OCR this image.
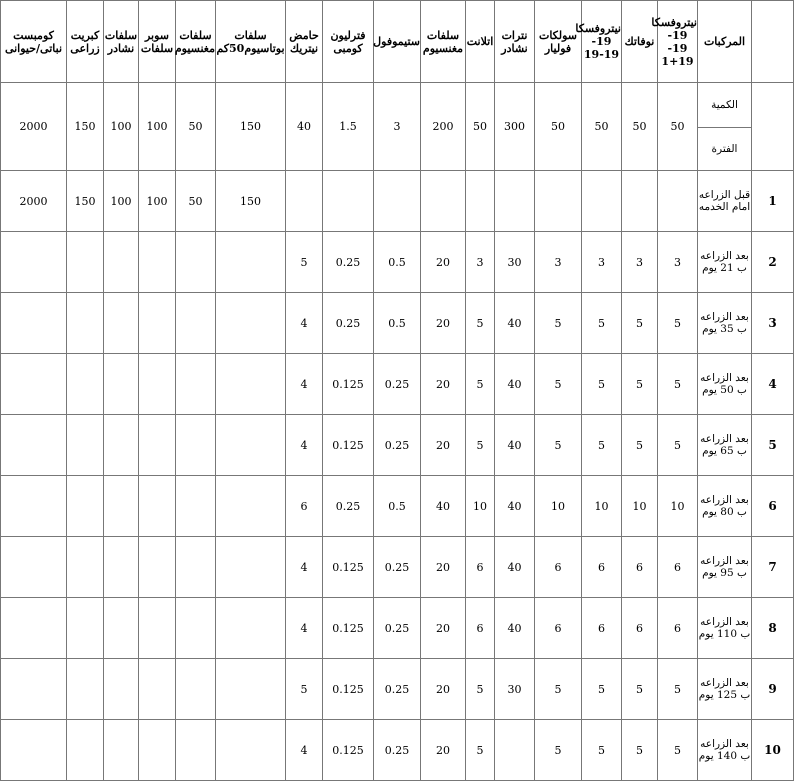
	المركبات	نيتروفسكا 19-19-19+1	نوفاتك	نيتروفسكا 19-19-19	سولكات فوليار	نترات نشادر	اتلانت	سلفات مغنسيوم	ستيموفول	فترليون كومبى	حامض نيتريك	سلفات بوتاسيوم50كم	سلفات مغنسيوم	سوبر سلفات	سلفات نشادر	كبريت زراعى	كومبست نباتى/حيوانى

الكمية
الفترة	50	50	50	50	300	50	200	3	1.5	40	150	50	100	100	150	2000
1	قبل الزراعه امام الخدمه											150	50	100	100	150	2000
2	بعد الزراعه ب 21 يوم	3	3	3	3	30	3	20	0.5	0.25	5						
3	بعد الزراعه ب 35 يوم	5	5	5	5	40	5	20	0.5	0.25	4						
4	بعد الزراعه ب 50 يوم	5	5	5	5	40	5	20	0.25	0.125	4						
5	بعد الزراعه ب 65 يوم	5	5	5	5	40	5	20	0.25	0.125	4						
6	بعد الزراعه ب 80 يوم	10	10	10	10	40	10	40	0.5	0.25	6						
7	بعد الزراعه ب 95 يوم	6	6	6	6	40	6	20	0.25	0.125	4						
8	بعد الزراعه ب 110 يوم	6	6	6	6	40	6	20	0.25	0.125	4						
9	بعد الزراعه ب 125 يوم	5	5	5	5	30	5	20	0.25	0.125	5						
10	بعد الزراعه ب 140 يوم	5	5	5	5		5	20	0.25	0.125	4						
